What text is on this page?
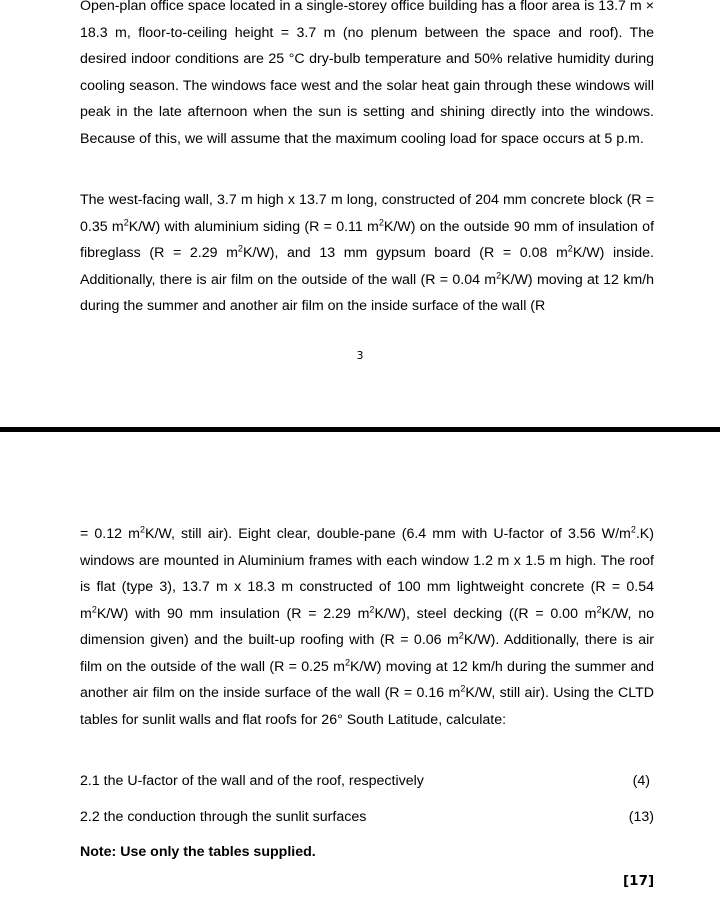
Open-plan office space located in a single-storey office building has a floor area is 13.7 m × 18.3 m, floor-to-ceiling height = 3.7 m (no plenum between the space and roof). The desired indoor conditions are 25 °C dry-bulb temperature and 50% relative humidity during cooling season. The windows face west and the solar heat gain through these windows will peak in the late afternoon when the sun is setting and shining directly into the windows. Because of this, we will assume that the maximum cooling load for space occurs at 5 p.m.

The west-facing wall, 3.7 m high x 13.7 m long, constructed of 204 mm concrete block (R = 0.35 $m^2K/W$) with aluminium siding (R = 0.11 $m^2K/W$) on the outside 90 mm of insulation of fibreglass (R = 2.29 $m^2K/W$), and 13 mm gypsum board (R = 0.08 $m^2K/W$) inside. Additionally, there is air film on the outside of the wall (R = 0.04 $m^2K/W$) moving at 12 km/h during the summer and another air film on the inside surface of the wall (R

3

= 0.12 $m^2K/W$, still air). Eight clear, double-pane (6.4 mm with U-factor of 3.56 $W/m^2.K$) windows are mounted in Aluminium frames with each window 1.2 m x 1.5 m high. The roof is flat (type 3), 13.7 m x 18.3 m constructed of 100 mm lightweight concrete (R = 0.54 $m^2K/W$) with 90 mm insulation (R = 2.29 $m^2K/W$), steel decking ((R = 0.00 $m^2K/W$, no dimension given) and the built-up roofing with (R = 0.06 $m^2K/W$). Additionally, there is air film on the outside of the wall (R = 0.25 $m^2K/W$) moving at 12 km/h during the summer and another air film on the inside surface of the wall (R = 0.16 $m^2K/W$, still air). Using the CLTD tables for sunlit walls and flat roofs for 26° South Latitude, calculate:

2.1 the U-factor of the wall and of the roof, respectively	(4)
2.2 the conduction through the sunlit surfaces	(13)
Note: Use only the tables supplied.
[17]
